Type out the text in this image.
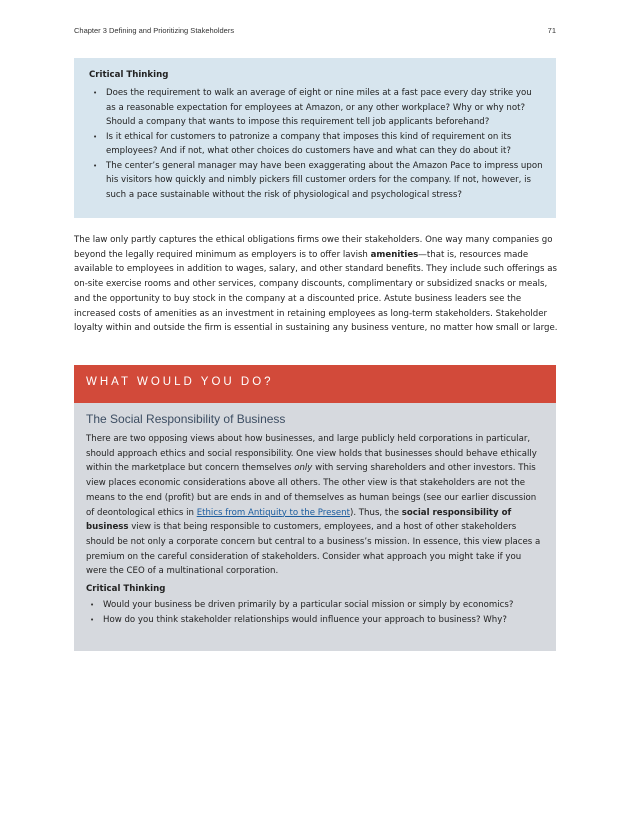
Chapter 3 Defining and Prioritizing Stakeholders	71

Critical Thinking

• Does the requirement to walk an average of eight or nine miles at a fast pace every day strike you as a reasonable expectation for employees at Amazon, or any other workplace? Why or why not? Should a company that wants to impose this requirement tell job applicants beforehand?
• Is it ethical for customers to patronize a company that imposes this kind of requirement on its employees? And if not, what other choices do customers have and what can they do about it?
• The center’s general manager may have been exaggerating about the Amazon Pace to impress upon his visitors how quickly and nimbly pickers fill customer orders for the company. If not, however, is such a pace sustainable without the risk of physiological and psychological stress?

The law only partly captures the ethical obligations firms owe their stakeholders. One way many companies go beyond the legally required minimum as employers is to offer lavish amenities—that is, resources made available to employees in addition to wages, salary, and other standard benefits. They include such offerings as on-site exercise rooms and other services, company discounts, complimentary or subsidized snacks or meals, and the opportunity to buy stock in the company at a discounted price. Astute business leaders see the increased costs of amenities as an investment in retaining employees as long-term stakeholders. Stakeholder loyalty within and outside the firm is essential in sustaining any business venture, no matter how small or large.

WHAT WOULD YOU DO?

The Social Responsibility of Business

There are two opposing views about how businesses, and large publicly held corporations in particular, should approach ethics and social responsibility. One view holds that businesses should behave ethically within the marketplace but concern themselves only with serving shareholders and other investors. This view places economic considerations above all others. The other view is that stakeholders are not the means to the end (profit) but are ends in and of themselves as human beings (see our earlier discussion of deontological ethics in Ethics from Antiquity to the Present). Thus, the social responsibility of business view is that being responsible to customers, employees, and a host of other stakeholders should be not only a corporate concern but central to a business’s mission. In essence, this view places a premium on the careful consideration of stakeholders. Consider what approach you might take if you were the CEO of a multinational corporation.

Critical Thinking

• Would your business be driven primarily by a particular social mission or simply by economics?
• How do you think stakeholder relationships would influence your approach to business? Why?
